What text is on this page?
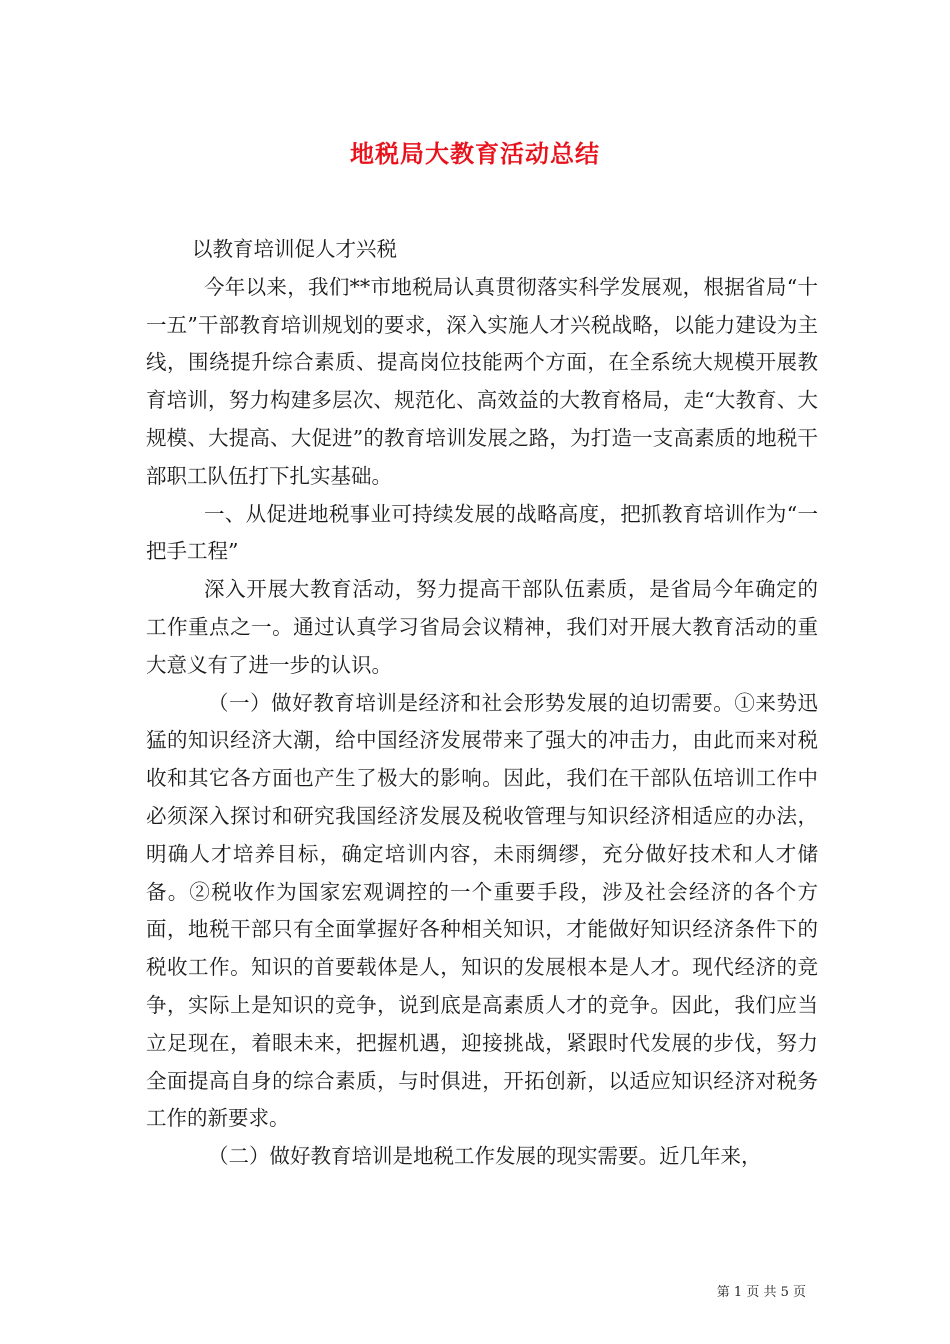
地税局大教育活动总结

以教育培训促人才兴税

今年以来，我们**市地税局认真贯彻落实科学发展观，根据省局“十一五”干部教育培训规划的要求，深入实施人才兴税战略，以能力建设为主线，围绕提升综合素质、提高岗位技能两个方面，在全系统大规模开展教育培训，努力构建多层次、规范化、高效益的大教育格局，走“大教育、大规模、大提高、大促进”的教育培训发展之路，为打造一支高素质的地税干部职工队伍打下扎实基础。

一、从促进地税事业可持续发展的战略高度，把抓教育培训作为“一把手工程”

深入开展大教育活动，努力提高干部队伍素质，是省局今年确定的工作重点之一。通过认真学习省局会议精神，我们对开展大教育活动的重大意义有了进一步的认识。

（一）做好教育培训是经济和社会形势发展的迫切需要。①来势迅猛的知识经济大潮，给中国经济发展带来了强大的冲击力，由此而来对税收和其它各方面也产生了极大的影响。因此，我们在干部队伍培训工作中必须深入探讨和研究我国经济发展及税收管理与知识经济相适应的办法，明确人才培养目标，确定培训内容，未雨绸缪，充分做好技术和人才储备。②税收作为国家宏观调控的一个重要手段，涉及社会经济的各个方面，地税干部只有全面掌握好各种相关知识，才能做好知识经济条件下的税收工作。知识的首要载体是人，知识的发展根本是人才。现代经济的竞争，实际上是知识的竞争，说到底是高素质人才的竞争。因此，我们应当立足现在，着眼未来，把握机遇，迎接挑战，紧跟时代发展的步伐，努力全面提高自身的综合素质，与时俱进，开拓创新，以适应知识经济对税务工作的新要求。

（二）做好教育培训是地税工作发展的现实需要。近几年来，

第 1 页 共 5 页
